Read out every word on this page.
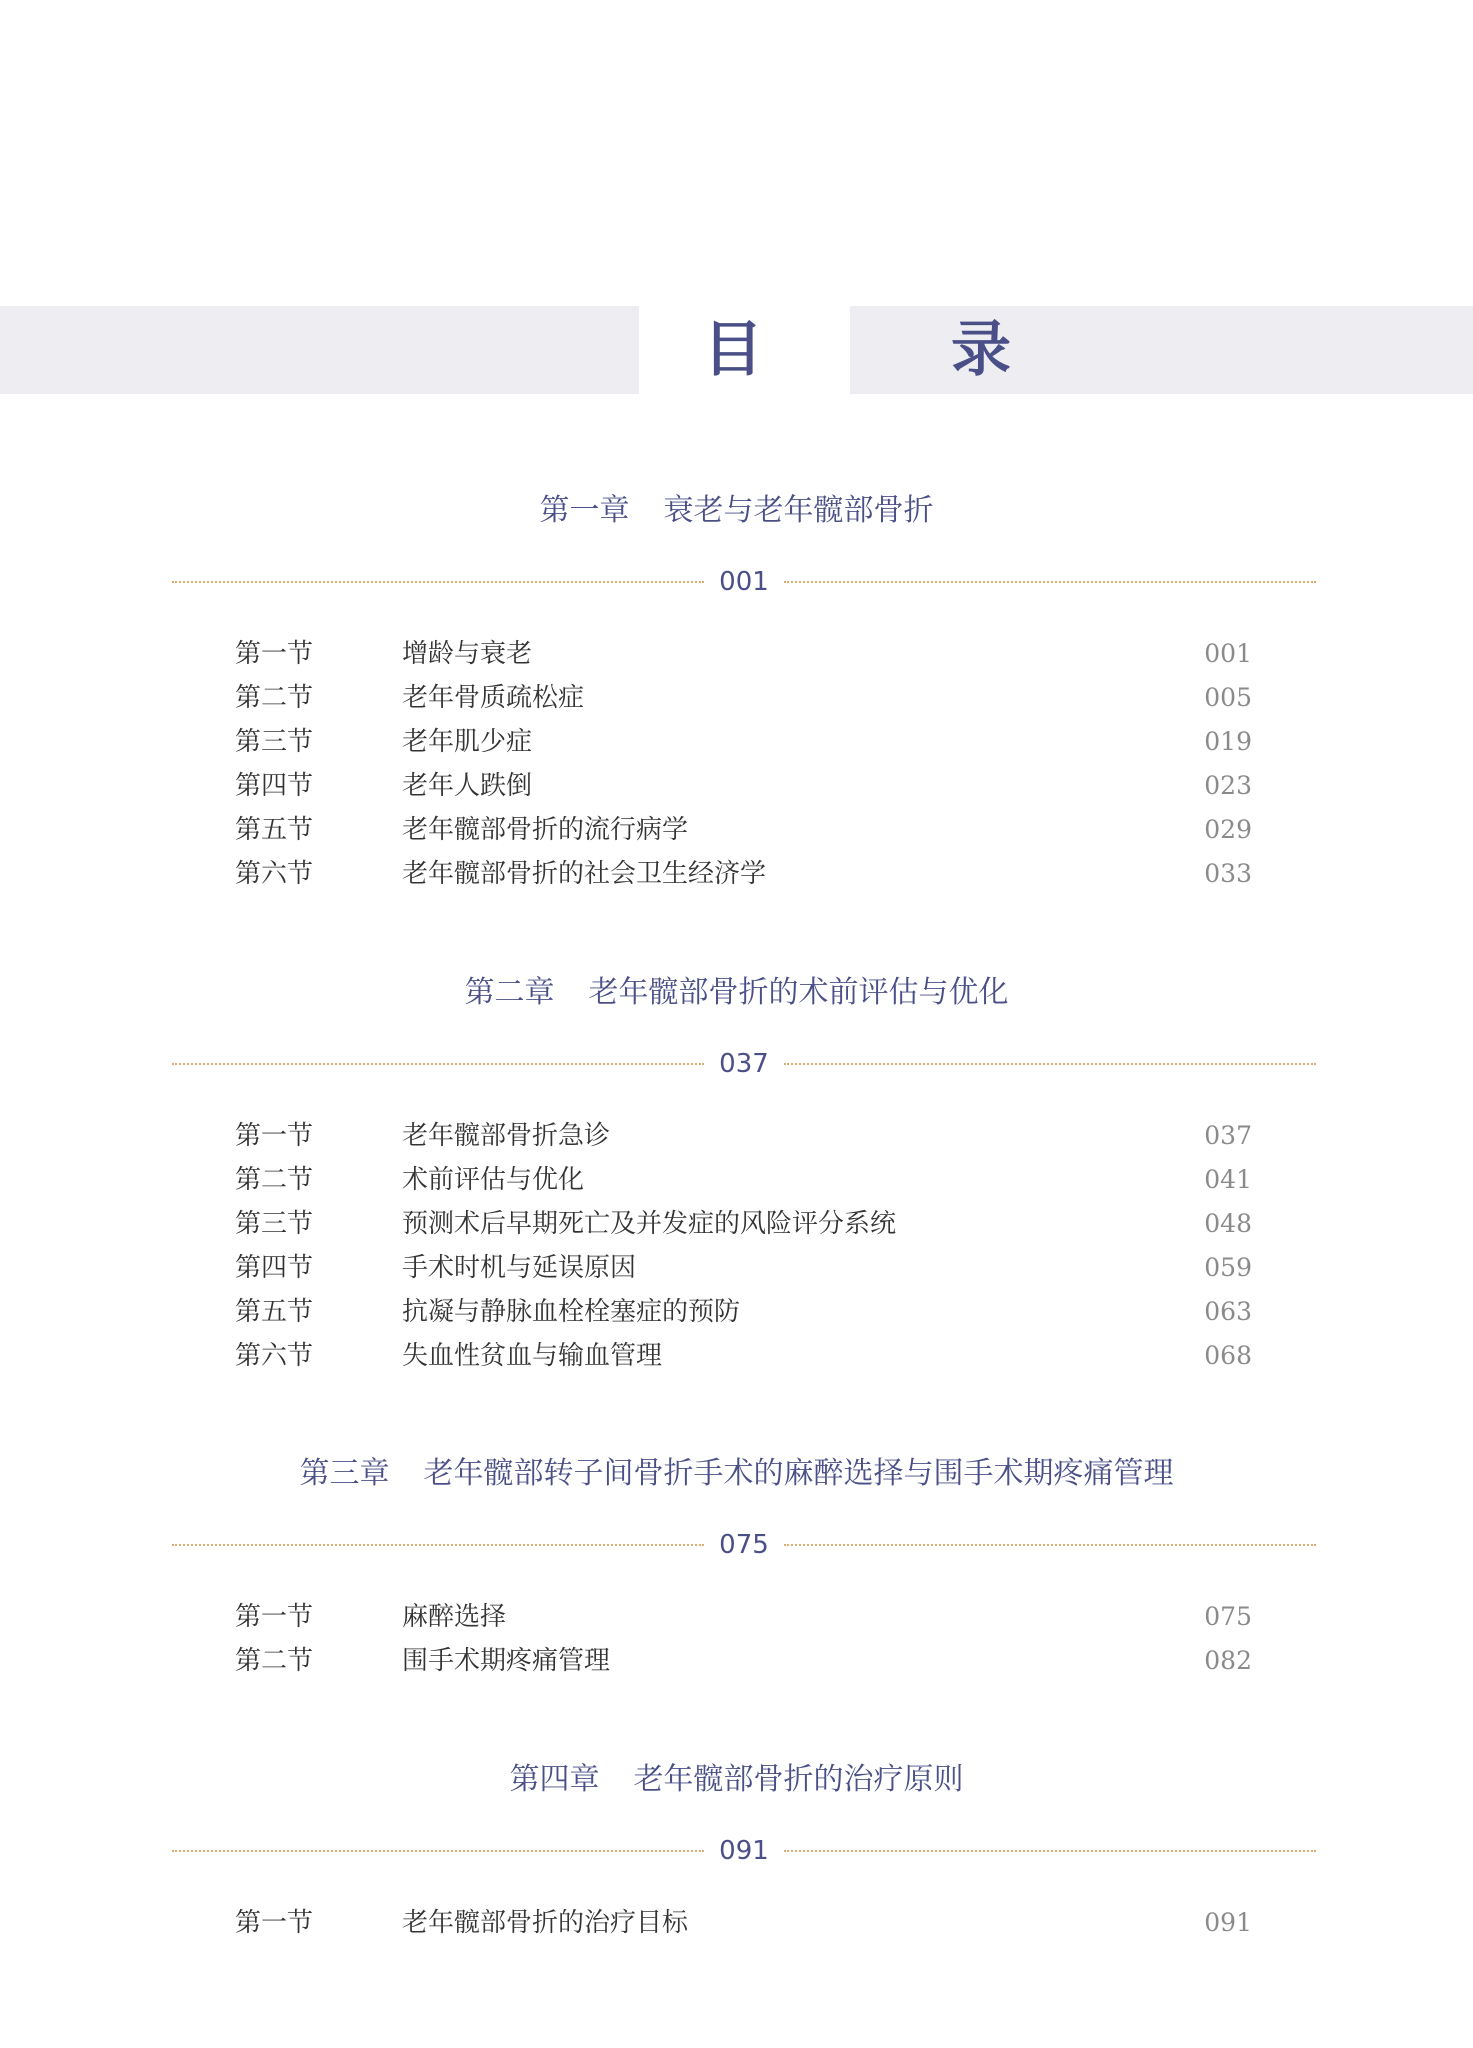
目　录
第一章 衰老与老年髋部骨折
001
第一节	增龄与衰老	001
第二节	老年骨质疏松症	005
第三节	老年肌少症	019
第四节	老年人跌倒	023
第五节	老年髋部骨折的流行病学	029
第六节	老年髋部骨折的社会卫生经济学	033
第二章 老年髋部骨折的术前评估与优化
037
第一节	老年髋部骨折急诊	037
第二节	术前评估与优化	041
第三节	预测术后早期死亡及并发症的风险评分系统	048
第四节	手术时机与延误原因	059
第五节	抗凝与静脉血栓栓塞症的预防	063
第六节	失血性贫血与输血管理	068
第三章 老年髋部转子间骨折手术的麻醉选择与围手术期疼痛管理
075
第一节	麻醉选择	075
第二节	围手术期疼痛管理	082
第四章 老年髋部骨折的治疗原则
091
第一节	老年髋部骨折的治疗目标	091
